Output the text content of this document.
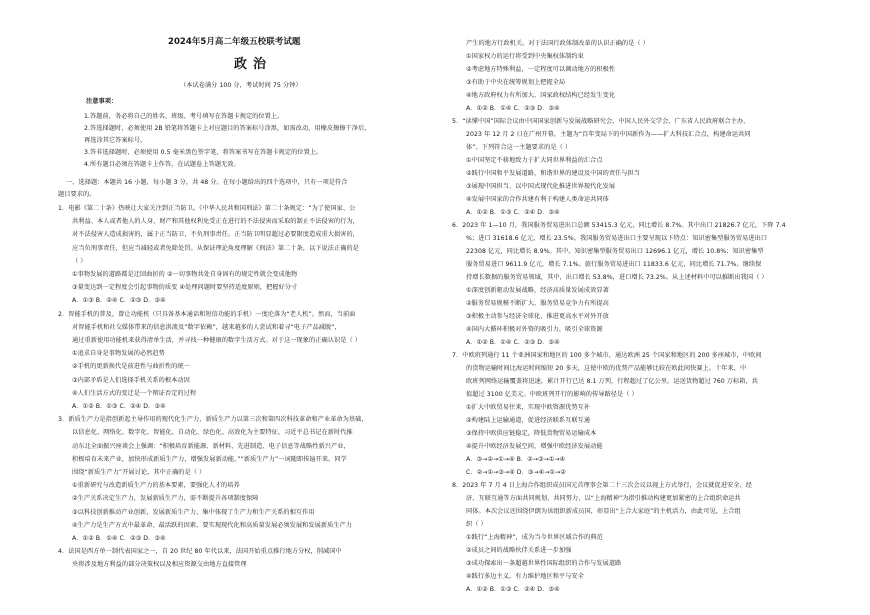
2024年5月高二年级五校联考试题
政治
（本试卷满分 100 分，考试时间 75 分钟）
注意事项：
1.答题前，务必将自己的姓名、班级、考号填写在答题卡规定的位置上。
2.答选择题时，必须使用 2B 铅笔将答题卡上对应题目的答案标号涂黑，如需改动，用橡皮擦擦干净后，
再选涂其它答案标号。
3.答非选择题时，必须使用 0.5 毫米黑色签字笔，将答案书写在答题卡规定的位置上。
4.所有题目必须在答题卡上作答，在试题卷上答题无效。
一、选择题：本题共 16 小题，每小题 3 分，共 48 分。在每小题给出的四个选项中，只有一项是符合
题目要求的。
1．电影《第二十条》热映让大家关注到正当防卫。《中华人民共和国刑法》第二十条规定：“为了使国家、公
共利益、本人或者他人的人身、财产和其他权利免受正在进行的不法侵害而采取的制止不法侵害的行为，
对不法侵害人造成损害的，属于正当防卫，不负刑事责任。正当防卫明显超过必要限度造成重大损害的，
应当负刑事责任，但应当减轻或者免除处罚。从保证理论角度理解《刑法》第二十条，以下说法正确的是
（ ）
①事物发展的道路都是迂回曲折的 ②一切事物共处自身固有的规定性就会变成他物
③量变达到一定程度会引起事物的质变 ④处理问题时要坚持适度原则，把握好分寸
A．①③ B．②④ C．②③ D．③④
2．智能手机的普及，曾让功能机（只具备基本通话和短信功能的手机）一度沦落为“老人机”。然而，当前面
对智能手机和社交媒体带来的信息洪流及“数字依赖”，越来越多的人尝试和着寻“电子产品减脱”，
通过重新使用功能机来获得清单生活，并寻找一种健康的数字生活方式。对于这一现象的正确认识是（ ）
①追求自身是事物发展的必然趋势
②手机的更新换代是前进性与曲折性的统一
③内部矛盾是人们选择手机关系的根本动因
④人们生活方式的变迁是一个辩证否定的过程
A．①② B．①③ C．②④ D．③④
3．新质生产力是指创新起主导作用的现代化生产力，新质生产力以第三次和第四次科技革命和产业革命为基础，
以信息化、网络化、数字化、智能化、自动化、绿色化、高效化为主要特征，习近平总书记在新时代推
动东北全面振兴座谈会上强调：“积极培育新能源、新材料、先进制造、电子信息等战略性新兴产业，
积极培育未来产业，加快形成新质生产力，增强发展新动能。”“新质生产力”一词随即传遍开来。同学
围绕“新质生产力”开展讨论，其中正确的是（ ）
①重新研究与改造新质生产力的基本要素，要强化人才的培养
②生产关系决定生产力，发展新质生产力，需不断提升各项制度保障
③以科技创新推动产业创新，发展新质生产力，集中体现了生产力和生产关系的相互作用
④生产力是生产方式中最革命、最活跃的因素，要实现现代化和高质量发展必须发展和发展新质生产力
A．①② B．①④ C．②③ D．③④
4．法国是西方单一制代表国家之一，自 20 世纪 80 年代以来，法国开始重点推行地方分权，削减国中
央将涉及地方利益的部分决策权以及相应资源交由地方直接管理
产生的地方行政机关。对于法国行政体制改革的认识正确的是（ ）
①国家权力的运行将受到中央集权体制约束
②考虑地方特殊利益，一定程度可以调动地方的积极性
③有助于中央在统筹规划上把握全局
④地方政府权力有所加大，国家政权结构已经发生变化
A．①② B．①④ C．②③ D．③④
5．“读懂中国”国际会议由中国国家创新与发展战略研究会、中国人民外交学会、广东省人民政府联合主办，
2023 年 12 月 2 日在广州开幕，主题为“百年变局下的中国新作为——扩大科技汇合点，构建命运共同
体”。下列符合这一主题要求的是（ ）
①中国坚定不移地致力于扩大同世界利益的汇合点
②践行中国和平发展道路，和谐世界的建设及中国的责任与担当
③展现中国担当，以中国式现代化推进世界现代化发展
④发展中国家的合作共建有利于构建人类命运共同体
A．①② B．①③ C．②④ D．③④
6．2023 年 1—10 月，我国服务贸易进出口总额 53415.3 亿元，同比增长 8.7%。其中出口 21826.7 亿元，下降 7.4
%；进口 31618.6 亿元，增长 23.5%。我国服务贸易进出口主要呈现以下特点：知识密集型服务贸易进出口
22308 亿元，同比增长 8.9%。其中，知识密集型服务贸易出口 12696.1 亿元，增长 10.8%；知识密集型
服务贸易进口 9611.9 亿元，增长 7.1%。旅行服务贸易进出口 11833.6 亿元，同比增长 71.7%。继续保
持增长数据的服务贸易领域，其中，出口增长 53.8%，进口增长 73.2%。从上述材料中可以推断出我国（ ）
①深度创新驱动发展战略，经济高质量发展成效显著
②服务贸易规模不断扩大，服务贸易竞争力有所提高
③积极主动参与经济全球化，推进更高水平对外开放
④国内大循环积极对外资的吸引力，吸引全球资源
A．①② B．①④ C．②③ D．③④
7．中欧班列通行 11 个亚洲国家和地区的 100 多个城市，通达欧洲 25 个国家和地区的 200 多座城市，中欧间
的货物运输时间比海运时间缩短 20 多天，这使中欧的优势产品能够比较在欧此间快赛上。十年来，中
欧班列网络运输覆盖将迅速，累计开行已达 8.1 万列，行程超过了亿公里。运送货物超过 760 万标箱，共
值超过 3100 亿美元。中欧班列开行的影响的传导路径是（ ）
①扩大中欧贸易往来，实现中欧资源优势互补
②构建陆上运输通道，促进经济联系互联互通
③保持中欧供应链稳定，降低货物贸易运输成本
④提升中欧经济发展空间，增强中欧经济发展动能
A．③→②→①→④ B．②→③→①→④
C．②→①→③→④ D．③→④→①→②
8．2023 年 7 月 4 日上海合作组织成员国元首理事会第二十三次会议以视上方式举行，会议就促进安全、经
济、互联互通等方面共同规划、共同努力，以“上海精神”为指引推动构建更加紧密的上合组织命运共
同体。本次会议还围绕伊朗为该组织新成员国，彰显出“上合大家庭”的主机活力，由此可见，上合组
织（ ）
①践行“上海精神”，成为当今世界区域合作的典范
②成员之间的战略伙伴关系进一步加强
③成功探索出一条超越世界性国际组织的合作与发展道路
④践行多边主义，有力维护地区和平与安全
A．①② B．①③ C．②④ D．③④
